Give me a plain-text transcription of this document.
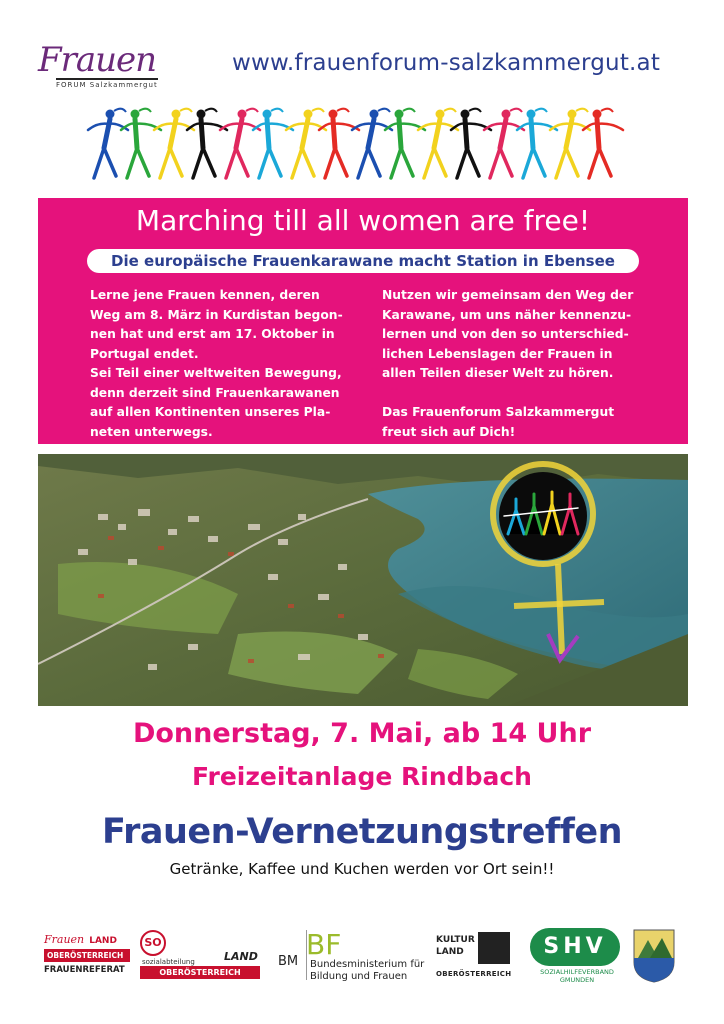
Frauen
FORUM Salzkammergut
www.frauenforum-salzkammergut.at
Marching till all women are free!
Die europäische Frauenkarawane macht Station in Ebensee

Lerne jene Frauen kennen, deren

Weg am 8. März in Kurdistan begon-

nen hat und erst am 17. Oktober in

Portugal endet.

Sei Teil einer weltweiten Bewegung,

denn derzeit sind Frauenkarawanen

auf allen Kontinenten unseres Pla-

neten unterwegs.

Nutzen wir gemeinsam den Weg der

Karawane, um uns näher kennenzu-

lernen und von den so unterschied-

lichen Lebenslagen der Frauen in

allen Teilen dieser Welt zu hören.

Das Frauenforum Salzkammergut

freut sich auf Dich!

Donnerstag, 7. Mai, ab 14 Uhr
Freizeitanlage Rindbach
Frauen-Vernetzungstreffen
Getränke, Kaffee und Kuchen werden vor Ort sein!!
Frauen LAND
OBERÖSTERREICH
FRAUENREFERAT
SO
sozialabteilung	LAND
OBERÖSTERREICH
BM
BF
Bundesministerium für
Bildung und Frauen
KULTUR
LAND
OBERÖSTERREICH
SHV
SOZIALHILFEVERBAND
GMUNDEN
